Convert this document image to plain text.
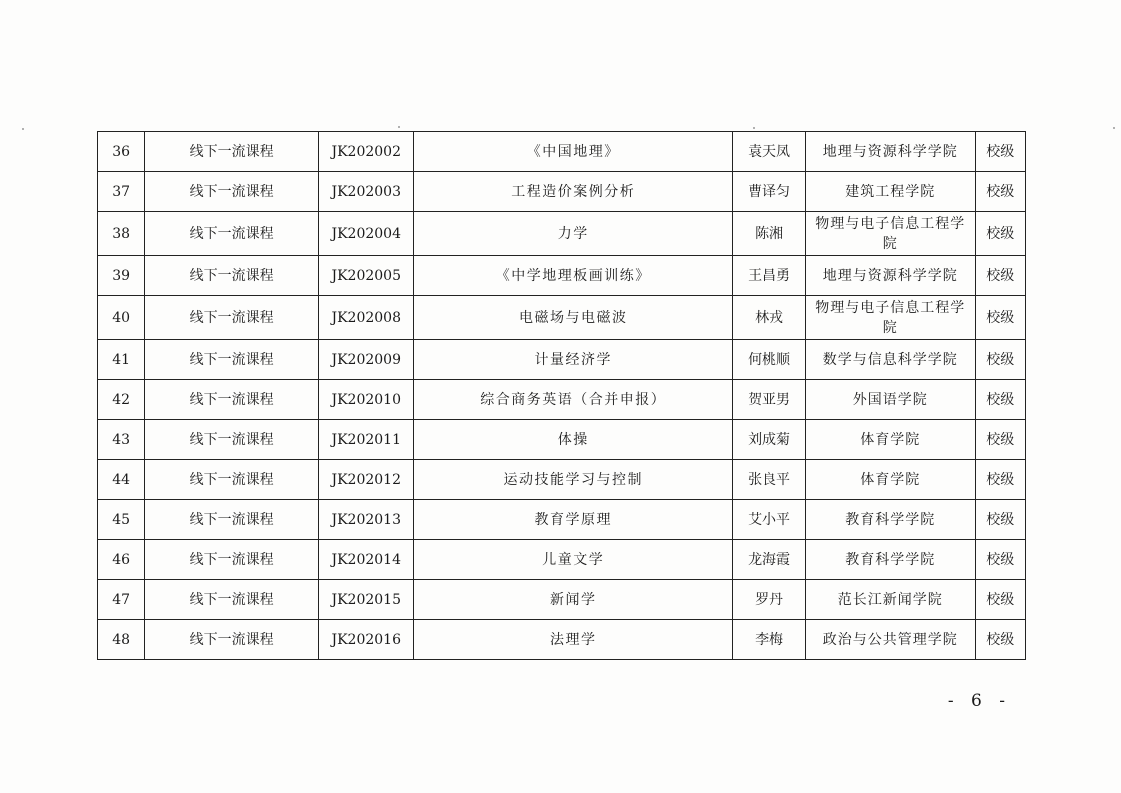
36	线下一流课程	JK202002	《中国地理》	袁天凤	地理与资源科学学院	校级
37	线下一流课程	JK202003	工程造价案例分析	曹译匀	建筑工程学院	校级
38	线下一流课程	JK202004	力学	陈湘	物理与电子信息工程学院	校级
39	线下一流课程	JK202005	《中学地理板画训练》	王昌勇	地理与资源科学学院	校级
40	线下一流课程	JK202008	电磁场与电磁波	林戎	物理与电子信息工程学院	校级
41	线下一流课程	JK202009	计量经济学	何桃顺	数学与信息科学学院	校级
42	线下一流课程	JK202010	综合商务英语（合并申报）	贺亚男	外国语学院	校级
43	线下一流课程	JK202011	体操	刘成菊	体育学院	校级
44	线下一流课程	JK202012	运动技能学习与控制	张良平	体育学院	校级
45	线下一流课程	JK202013	教育学原理	艾小平	教育科学学院	校级
46	线下一流课程	JK202014	儿童文学	龙海霞	教育科学学院	校级
47	线下一流课程	JK202015	新闻学	罗丹	范长江新闻学院	校级
48	线下一流课程	JK202016	法理学	李梅	政治与公共管理学院	校级
- 6 -
